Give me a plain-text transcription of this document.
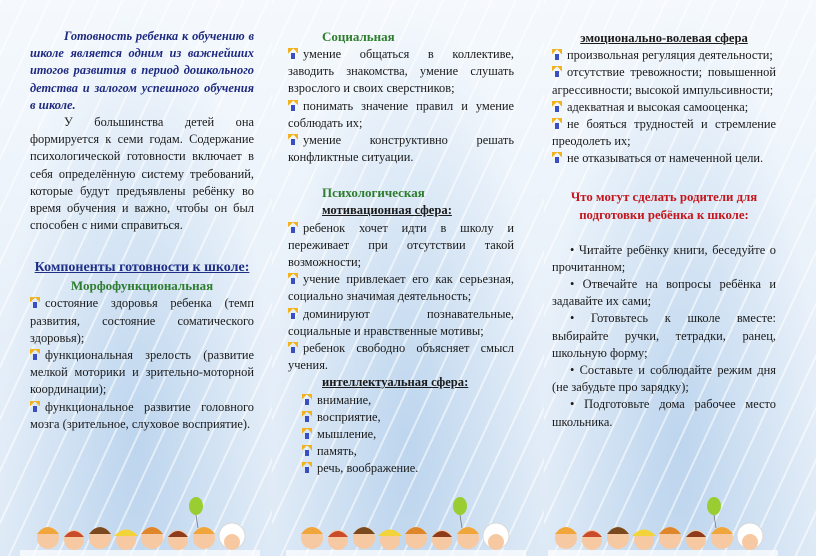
Готовность ребенка к обучению в школе является одним из важнейших итогов развития в период дошкольного детства и залогом успешного обучения в школе.

У большинства детей она формируется к семи годам. Содержание психологической готовности включает в себя определённую систему требований, которые будут предъявлены ребёнку во время обучения и важно, чтобы он был способен с ними справиться.

Компоненты готовности к школе:

Морфофункциональная

состояние здоровья ребенка (темп развития, состояние соматического здоровья);

функциональная зрелость (развитие мелкой моторики и зрительно-моторной координации);

функциональное развитие головного мозга (зрительное, слуховое восприятие).

Социальная

умение общаться в коллективе, заводить знакомства, умение слушать взрослого и своих сверстников;

понимать значение правил и умение соблюдать их;

умение конструктивно решать конфликтные ситуации.

Психологическая

мотивационная сфера:

ребенок хочет идти в школу и переживает при отсутствии такой возможности;

учение привлекает его как серьезная, социально значимая деятельность;

доминируют познавательные, социальные и нравственные мотивы;

ребенок свободно объясняет смысл учения.

интеллектуальная сфера:

внимание,

восприятие,

мышление,

память,

речь, воображение.

эмоционально-волевая сфера

произвольная регуляция деятельности;

отсутствие тревожности; повышенной агрессивности; высокой импульсивности;

адекватная и высокая самооценка;

не бояться трудностей и стремление преодолеть их;

не отказываться от намеченной цели.

Что могут сделать родители для подготовки ребёнка к школе:

• Читайте ребёнку книги, беседуйте о прочитанном;

• Отвечайте на вопросы ребёнка и задавайте их сами;

• Готовьтесь к школе вместе: выбирайте ручки, тетрадки, ранец, школьную форму;

• Составьте и соблюдайте режим дня (не забудьте про зарядку);

• Подготовьте дома рабочее место школьника.
